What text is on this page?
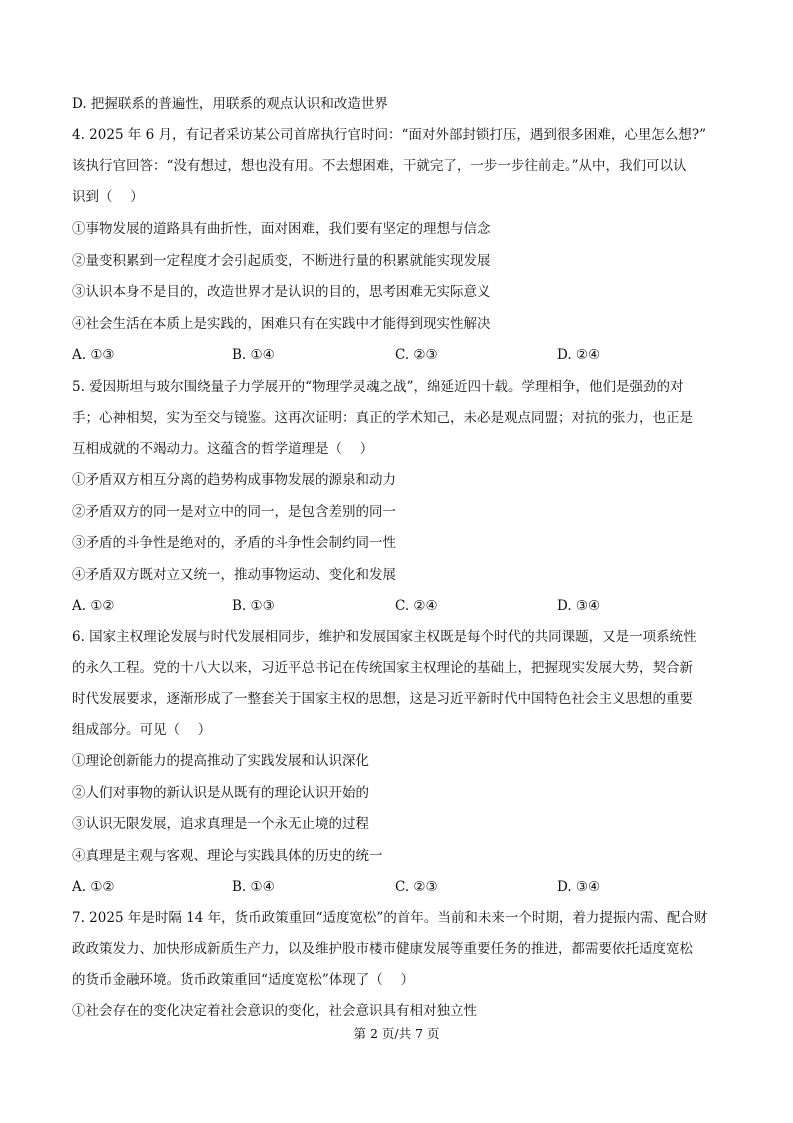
D. 把握联系的普遍性，用联系的观点认识和改造世界
4. 2025 年 6 月，有记者采访某公司首席执行官时问：“面对外部封锁打压，遇到很多困难，心里怎么想?”
该执行官回答：“没有想过，想也没有用。不去想困难，干就完了，一步一步往前走。”从中，我们可以认
识到（　 ）
①事物发展的道路具有曲折性，面对困难，我们要有坚定的理想与信念
②量变积累到一定程度才会引起质变，不断进行量的积累就能实现发展
③认识本身不是目的，改造世界才是认识的目的，思考困难无实际意义
④社会生活在本质上是实践的，困难只有在实践中才能得到现实性解决
A. ①③	B. ①④	C. ②③	D. ②④
5. 爱因斯坦与玻尔围绕量子力学展开的“物理学灵魂之战”，绵延近四十载。学理相争，他们是强劲的对
手；心神相契，实为至交与镜鉴。这再次证明：真正的学术知己，未必是观点同盟；对抗的张力，也正是
互相成就的不竭动力。这蕴含的哲学道理是（　 ）
①矛盾双方相互分离的趋势构成事物发展的源泉和动力
②矛盾双方的同一是对立中的同一，是包含差别的同一
③矛盾的斗争性是绝对的，矛盾的斗争性会制约同一性
④矛盾双方既对立又统一，推动事物运动、变化和发展
A. ①②	B. ①③	C. ②④	D. ③④
6. 国家主权理论发展与时代发展相同步，维护和发展国家主权既是每个时代的共同课题，又是一项系统性
的永久工程。党的十八大以来，习近平总书记在传统国家主权理论的基础上，把握现实发展大势，契合新
时代发展要求，逐渐形成了一整套关于国家主权的思想，这是习近平新时代中国特色社会主义思想的重要
组成部分。可见（　 ）
①理论创新能力的提高推动了实践发展和认识深化
②人们对事物的新认识是从既有的理论认识开始的
③认识无限发展，追求真理是一个永无止境的过程
④真理是主观与客观、理论与实践具体的历史的统一
A. ①②	B. ①④	C. ②③	D. ③④
7. 2025 年是时隔 14 年，货币政策重回“适度宽松”的首年。当前和未来一个时期，着力提振内需、配合财
政政策发力、加快形成新质生产力，以及维护股市楼市健康发展等重要任务的推进，都需要依托适度宽松
的货币金融环境。货币政策重回“适度宽松”体现了（　 ）
①社会存在的变化决定着社会意识的变化，社会意识具有相对独立性
第 2 页/共 7 页
